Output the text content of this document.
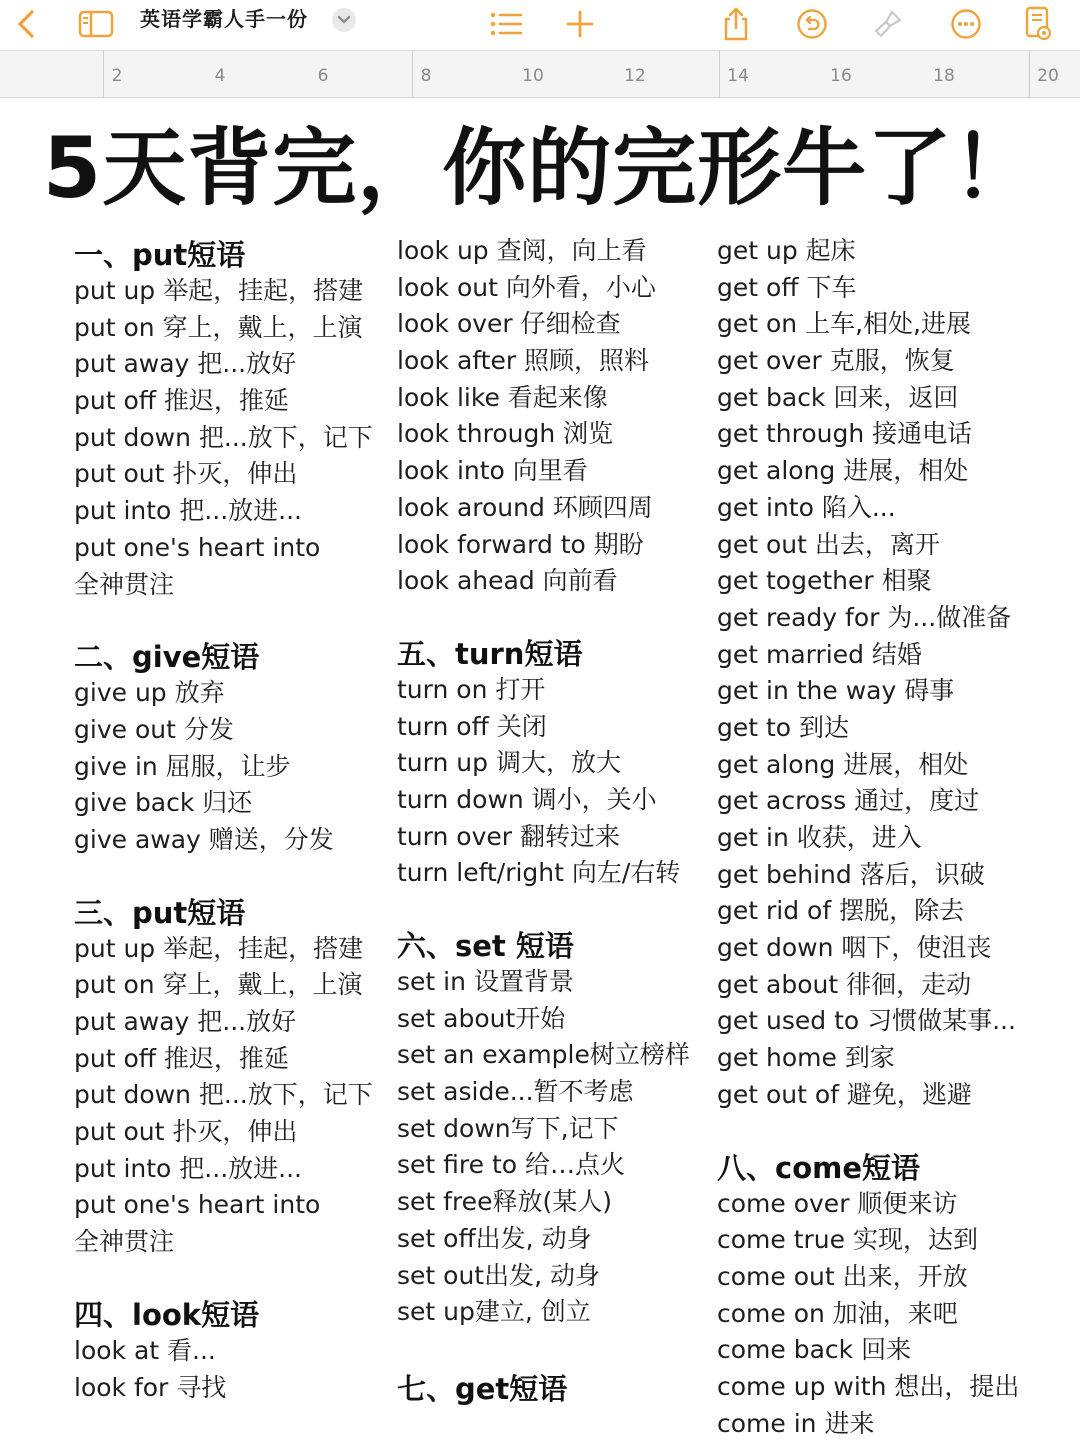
英语学霸人手一份
2	4	6	8	10	12	14	16	18	20
5天背完，你的完形牛了！
一、put短语
put up 举起，挂起，搭建
put on 穿上，戴上，上演
put away 把...放好
put off 推迟，推延
put down 把...放下，记下
put out 扑灭，伸出
put into 把...放进...
put one's heart into
全神贯注
二、give短语
give up 放弃
give out 分发
give in 屈服，让步
give back 归还
give away 赠送，分发
三、put短语
put up 举起，挂起，搭建
put on 穿上，戴上，上演
put away 把...放好
put off 推迟，推延
put down 把...放下，记下
put out 扑灭，伸出
put into 把...放进...
put one's heart into
全神贯注
四、look短语
look at 看...
look for 寻找
look up 查阅，向上看
look out 向外看，小心
look over 仔细检查
look after 照顾，照料
look like 看起来像
look through 浏览
look into 向里看
look around 环顾四周
look forward to 期盼
look ahead 向前看
五、turn短语
turn on 打开
turn off 关闭
turn up 调大，放大
turn down 调小，关小
turn over 翻转过来
turn left/right 向左/右转
六、set 短语
set in 设置背景
set about开始
set an example树立榜样
set aside...暂不考虑
set down写下,记下
set fire to 给…点火
set free释放(某人)
set off出发, 动身
set out出发, 动身
set up建立, 创立
七、get短语
get up 起床
get off 下车
get on 上车,相处,进展
get over 克服，恢复
get back 回来，返回
get through 接通电话
get along 进展，相处
get into 陷入...
get out 出去，离开
get together 相聚
get ready for 为...做准备
get married 结婚
get in the way 碍事
get to 到达
get along 进展，相处
get across 通过，度过
get in 收获，进入
get behind 落后，识破
get rid of 摆脱，除去
get down 咽下，使沮丧
get about 徘徊，走动
get used to 习惯做某事...
get home 到家
get out of 避免，逃避
八、come短语
come over 顺便来访
come true 实现，达到
come out 出来，开放
come on 加油，来吧
come back 回来
come up with 想出，提出
come in 进来
